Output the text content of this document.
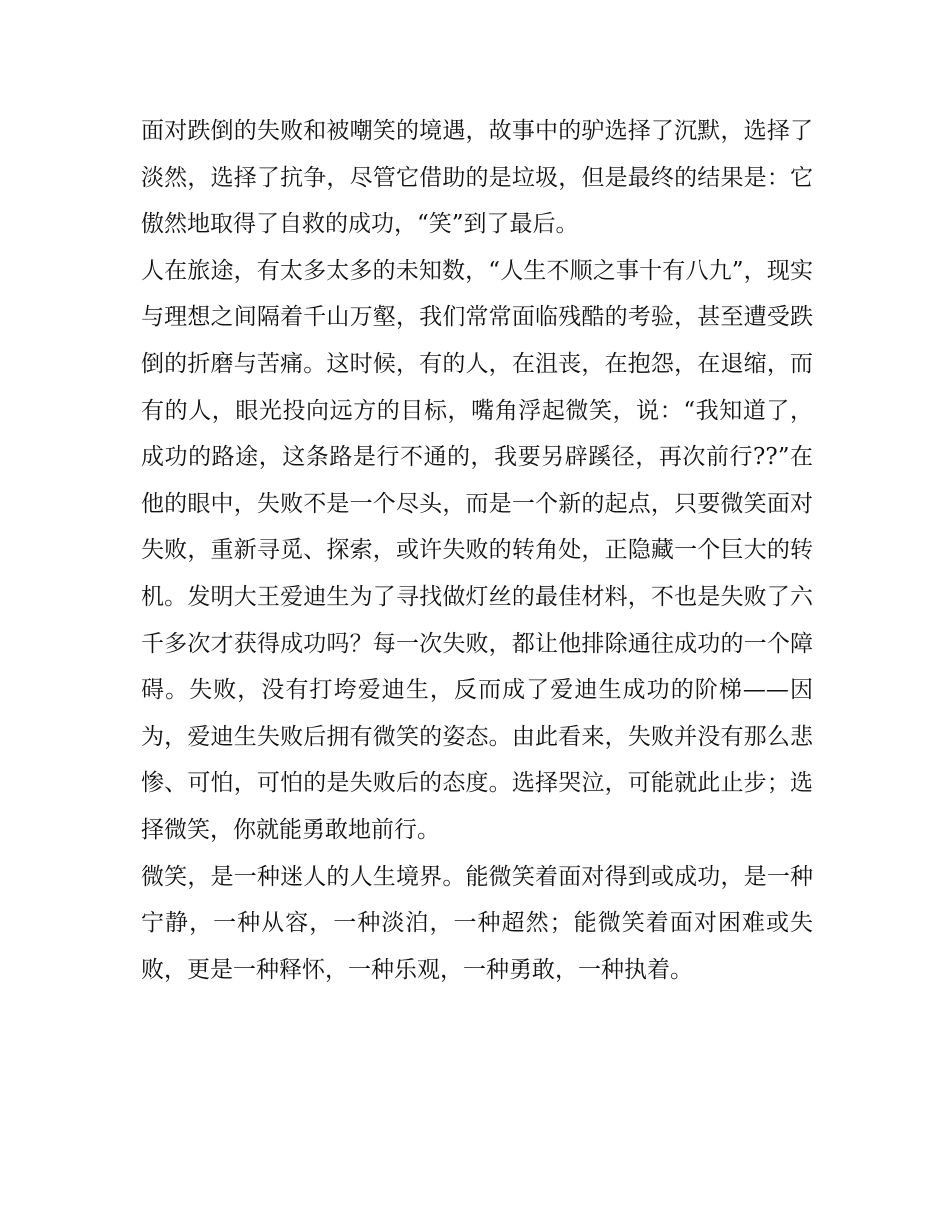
面对跌倒的失败和被嘲笑的境遇，故事中的驴选择了沉默，选择了淡然，选择了抗争，尽管它借助的是垃圾，但是最终的结果是：它傲然地取得了自救的成功，“笑”到了最后。

人在旅途，有太多太多的未知数，“人生不顺之事十有八九”，现实与理想之间隔着千山万壑，我们常常面临残酷的考验，甚至遭受跌倒的折磨与苦痛。这时候，有的人，在沮丧，在抱怨，在退缩，而有的人，眼光投向远方的目标，嘴角浮起微笑，说：“我知道了，成功的路途，这条路是行不通的，我要另辟蹊径，再次前行??”在他的眼中，失败不是一个尽头，而是一个新的起点，只要微笑面对失败，重新寻觅、探索，或许失败的转角处，正隐藏一个巨大的转机。发明大王爱迪生为了寻找做灯丝的最佳材料，不也是失败了六千多次才获得成功吗？每一次失败，都让他排除通往成功的一个障碍。失败，没有打垮爱迪生，反而成了爱迪生成功的阶梯——因为，爱迪生失败后拥有微笑的姿态。由此看来，失败并没有那么悲惨、可怕，可怕的是失败后的态度。选择哭泣，可能就此止步；选择微笑，你就能勇敢地前行。

微笑，是一种迷人的人生境界。能微笑着面对得到或成功，是一种宁静，一种从容，一种淡泊，一种超然；能微笑着面对困难或失败，更是一种释怀，一种乐观，一种勇敢，一种执着。
